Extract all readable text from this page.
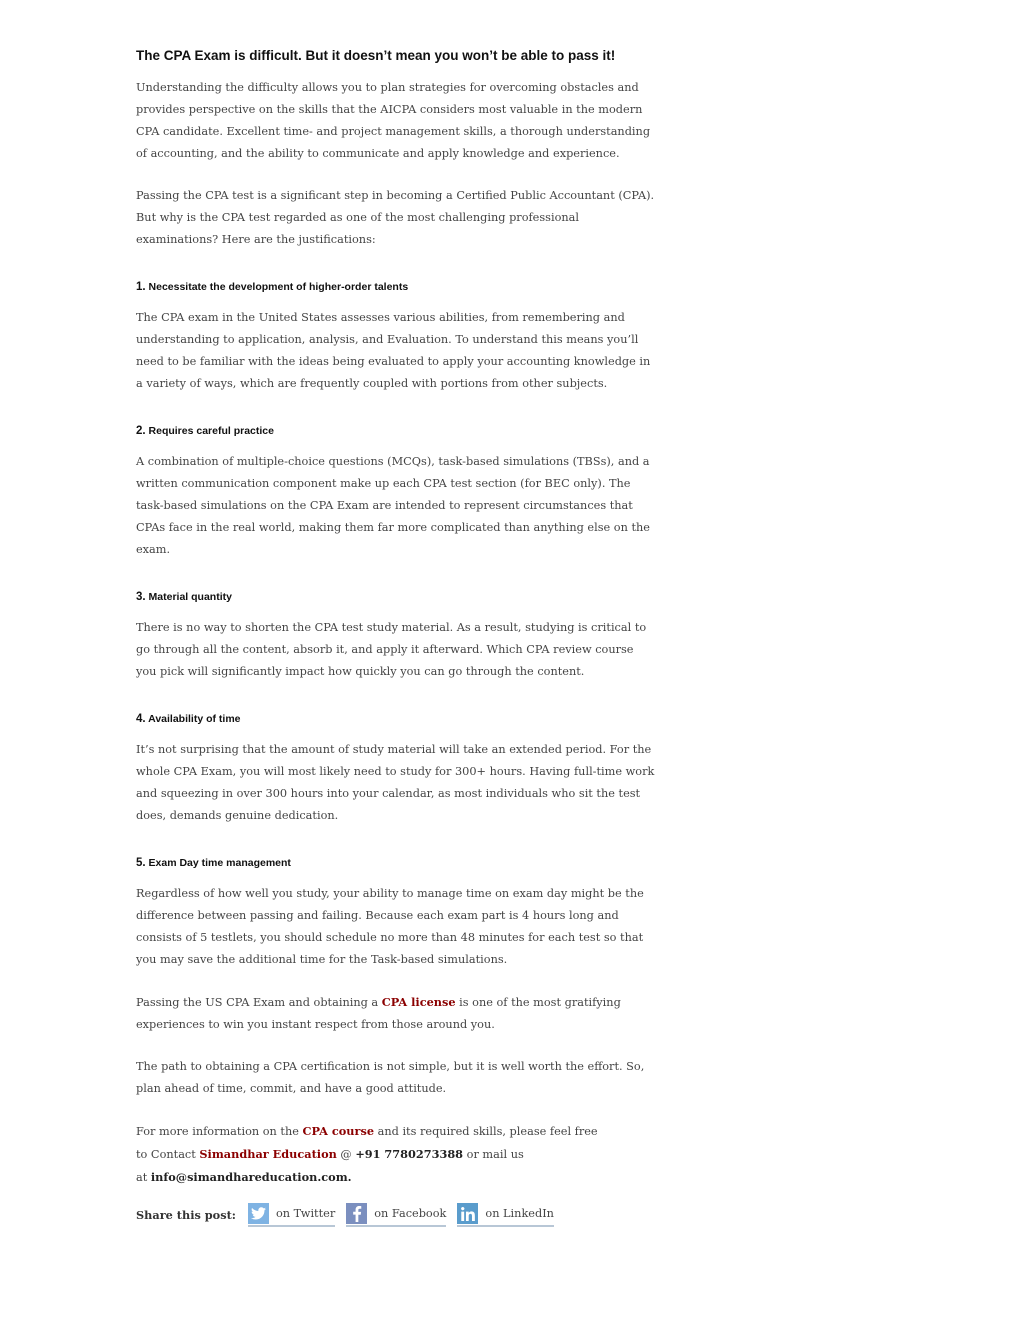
The CPA Exam is difficult. But it doesn’t mean you won’t be able to pass it!

Understanding the difficulty allows you to plan strategies for overcoming obstacles and provides perspective on the skills that the AICPA considers most valuable in the modern CPA candidate. Excellent time- and project management skills, a thorough understanding of accounting, and the ability to communicate and apply knowledge and experience.

Passing the CPA test is a significant step in becoming a Certified Public Accountant (CPA). But why is the CPA test regarded as one of the most challenging professional examinations? Here are the justifications:

1. Necessitate the development of higher-order talents

The CPA exam in the United States assesses various abilities, from remembering and understanding to application, analysis, and Evaluation. To understand this means you’ll need to be familiar with the ideas being evaluated to apply your accounting knowledge in a variety of ways, which are frequently coupled with portions from other subjects.

2. Requires careful practice

A combination of multiple-choice questions (MCQs), task-based simulations (TBSs), and a written communication component make up each CPA test section (for BEC only). The task-based simulations on the CPA Exam are intended to represent circumstances that CPAs face in the real world, making them far more complicated than anything else on the exam.

3. Material quantity

There is no way to shorten the CPA test study material. As a result, studying is critical to go through all the content, absorb it, and apply it afterward. Which CPA review course you pick will significantly impact how quickly you can go through the content.

4. Availability of time

It’s not surprising that the amount of study material will take an extended period. For the whole CPA Exam, you will most likely need to study for 300+ hours. Having full-time work and squeezing in over 300 hours into your calendar, as most individuals who sit the test does, demands genuine dedication.

5. Exam Day time management

Regardless of how well you study, your ability to manage time on exam day might be the difference between passing and failing. Because each exam part is 4 hours long and consists of 5 testlets, you should schedule no more than 48 minutes for each test so that you may save the additional time for the Task-based simulations.

Passing the US CPA Exam and obtaining a CPA license is one of the most gratifying experiences to win you instant respect from those around you.

The path to obtaining a CPA certification is not simple, but it is well worth the effort. So, plan ahead of time, commit, and have a good attitude.

For more information on the CPA course and its required skills, please feel free
to Contact Simandhar Education @ +91 7780273388 or mail us
at info@simandhareducation.com.

Share this post:	on Twitter	on Facebook	on LinkedIn
